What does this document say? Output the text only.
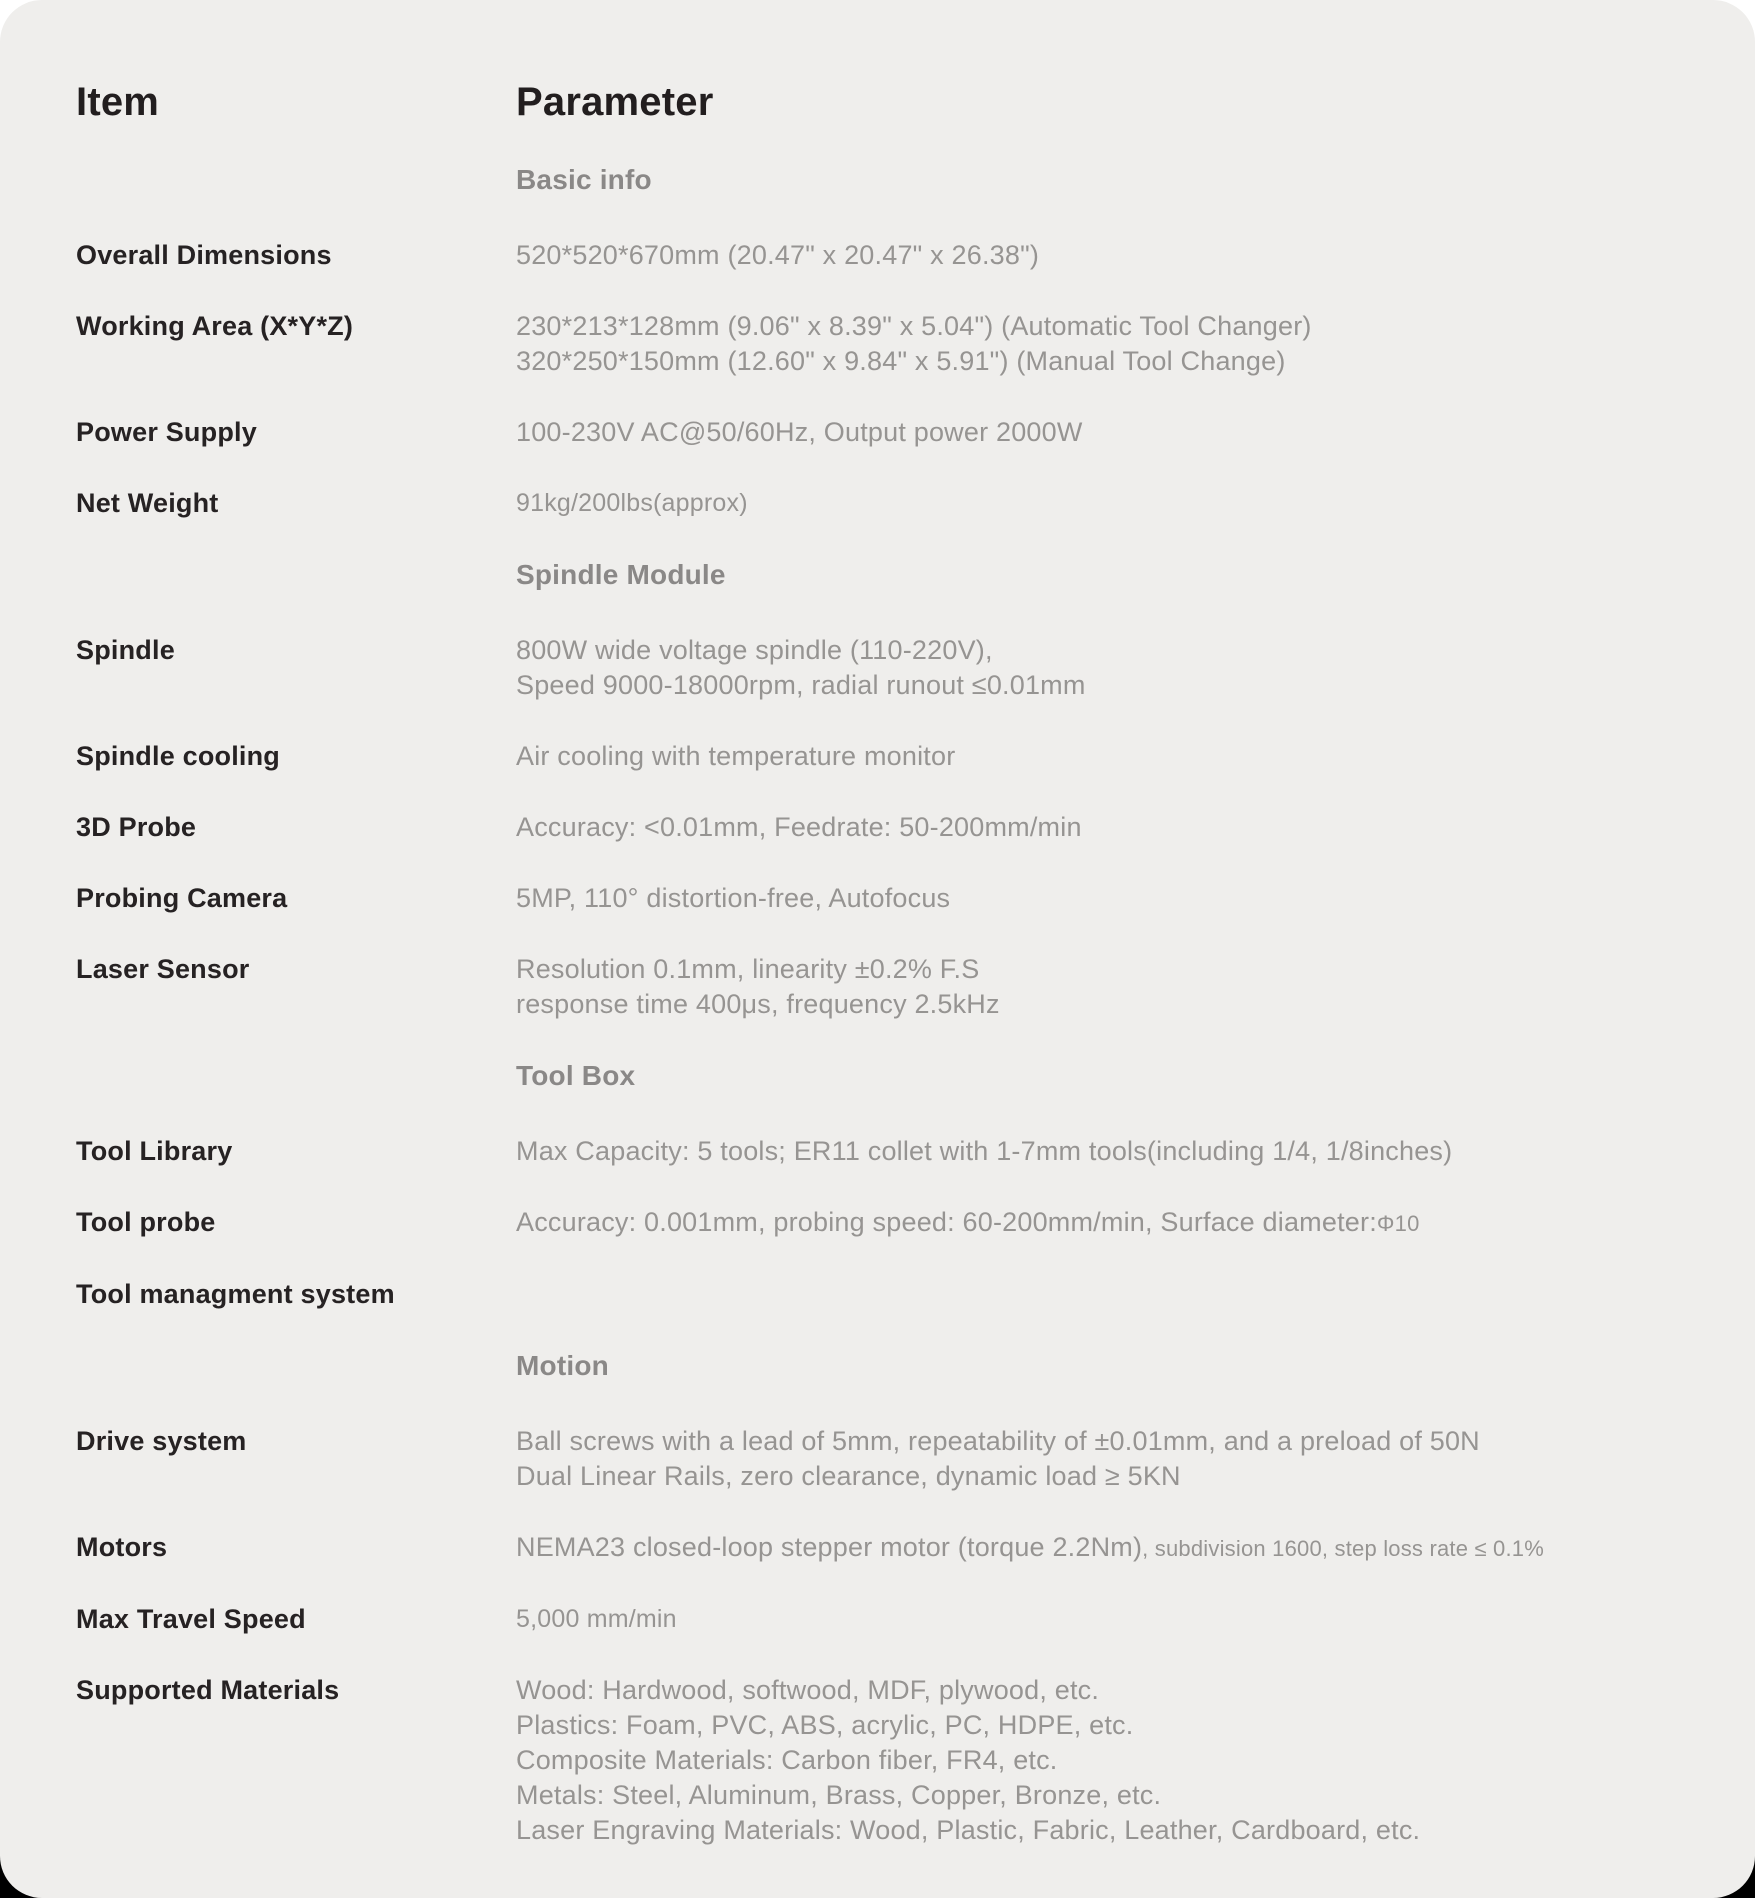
Item	Parameter
Basic info
Overall Dimensions	520*520*670mm (20.47" x 20.47" x 26.38")
Working Area (X*Y*Z)	230*213*128mm (9.06" x 8.39" x 5.04") (Automatic Tool Changer)
320*250*150mm (12.60" x 9.84" x 5.91") (Manual Tool Change)
Power Supply	100-230V AC@50/60Hz, Output power 2000W
Net Weight	91kg/200lbs(approx)
Spindle Module
Spindle	800W wide voltage spindle (110-220V),
Speed 9000-18000rpm, radial runout ≤0.01mm
Spindle cooling	Air cooling with temperature monitor
3D Probe	Accuracy: <0.01mm, Feedrate: 50-200mm/min
Probing Camera	5MP, 110° distortion-free, Autofocus
Laser Sensor	Resolution 0.1mm, linearity ±0.2% F.S
response time 400μs, frequency 2.5kHz
Tool Box
Tool Library	Max Capacity: 5 tools; ER11 collet with 1-7mm tools(including 1/4, 1/8inches)
Tool probe	Accuracy: 0.001mm, probing speed: 60-200mm/min, Surface diameter:Φ10
Tool managment system
Motion
Drive system	Ball screws with a lead of 5mm, repeatability of ±0.01mm, and a preload of 50N
Dual Linear Rails, zero clearance, dynamic load ≥ 5KN
Motors	NEMA23 closed-loop stepper motor (torque 2.2Nm), subdivision 1600, step loss rate ≤ 0.1%
Max Travel Speed	5,000 mm/min
Supported Materials	Wood: Hardwood, softwood, MDF, plywood, etc.
Plastics: Foam, PVC, ABS, acrylic, PC, HDPE, etc.
Composite Materials: Carbon fiber, FR4, etc.
Metals: Steel, Aluminum, Brass, Copper, Bronze, etc.
Laser Engraving Materials: Wood, Plastic, Fabric, Leather, Cardboard, etc.
